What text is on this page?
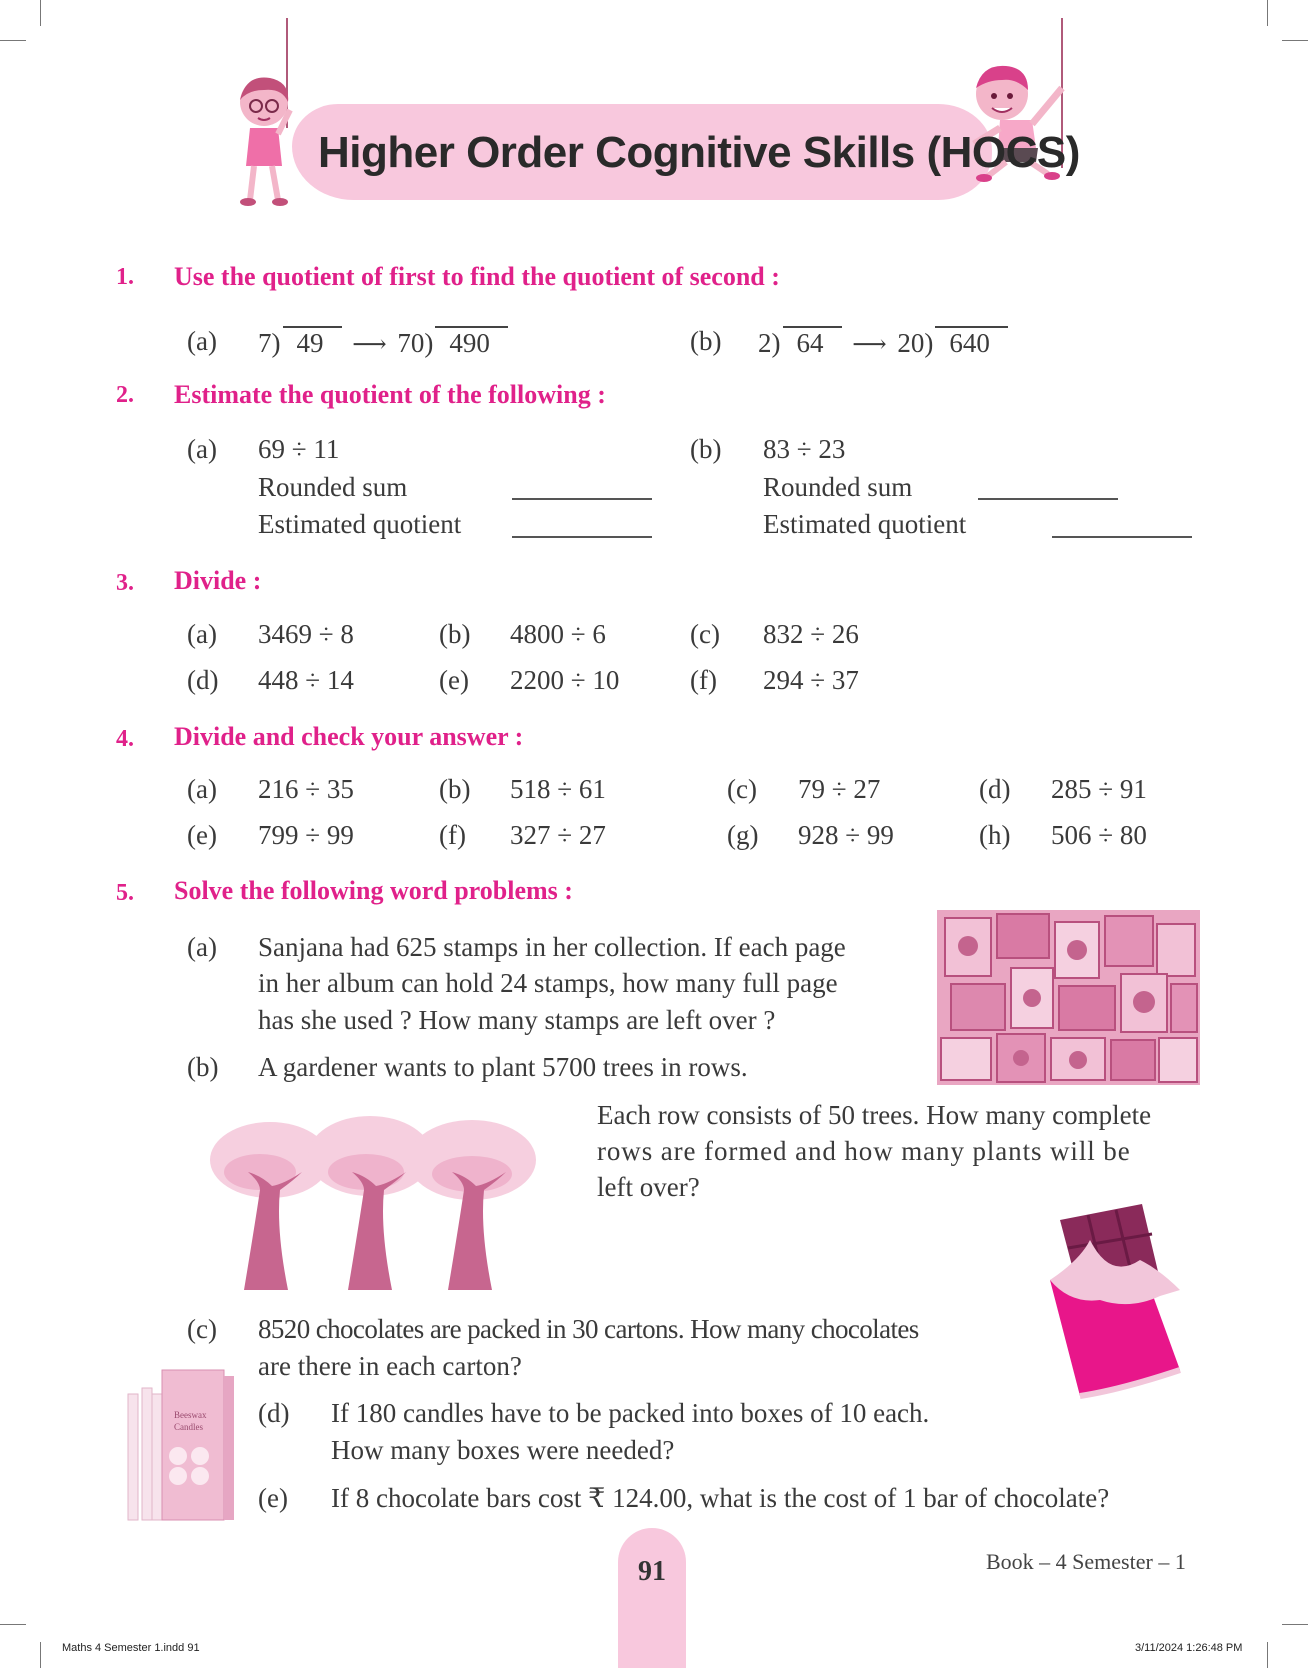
Higher Order Cognitive Skills (HOCS)
1. Use the quotient of first to find the quotient of second :
(a) 7) 49 ⟶ 70) 490	(b) 2) 64 ⟶ 20) 640
2. Estimate the quotient of the following :
(a) 69 ÷ 11
Rounded sum
Estimated quotient
(b) 83 ÷ 23
Rounded sum
Estimated quotient
3. Divide :
(a) 3469 ÷ 8	(b) 4800 ÷ 6	(c) 832 ÷ 26
(d) 448 ÷ 14	(e) 2200 ÷ 10	(f) 294 ÷ 37
4. Divide and check your answer :
(a) 216 ÷ 35	(b) 518 ÷ 61	(c) 79 ÷ 27	(d) 285 ÷ 91
(e) 799 ÷ 99	(f) 327 ÷ 27	(g) 928 ÷ 99	(h) 506 ÷ 80
5. Solve the following word problems :
(a) Sanjana had 625 stamps in her collection. If each page
in her album can hold 24 stamps, how many full page
has she used ? How many stamps are left over ?
(b) A gardener wants to plant 5700 trees in rows.
Each row consists of 50 trees. How many complete
rows are formed and how many plants will be
left over?
(c) 8520 chocolates are packed in 30 cartons. How many chocolates
are there in each carton?
Beeswax
Candles (d) If 180 candles have to be packed into boxes of 10 each.
How many boxes were needed?
(e) If 8 chocolate bars cost ₹ 124.00, what is the cost of 1 bar of chocolate?
91	Book – 4 Semester – 1
Maths 4 Semester 1.indd 91	3/11/2024 1:26:48 PM
